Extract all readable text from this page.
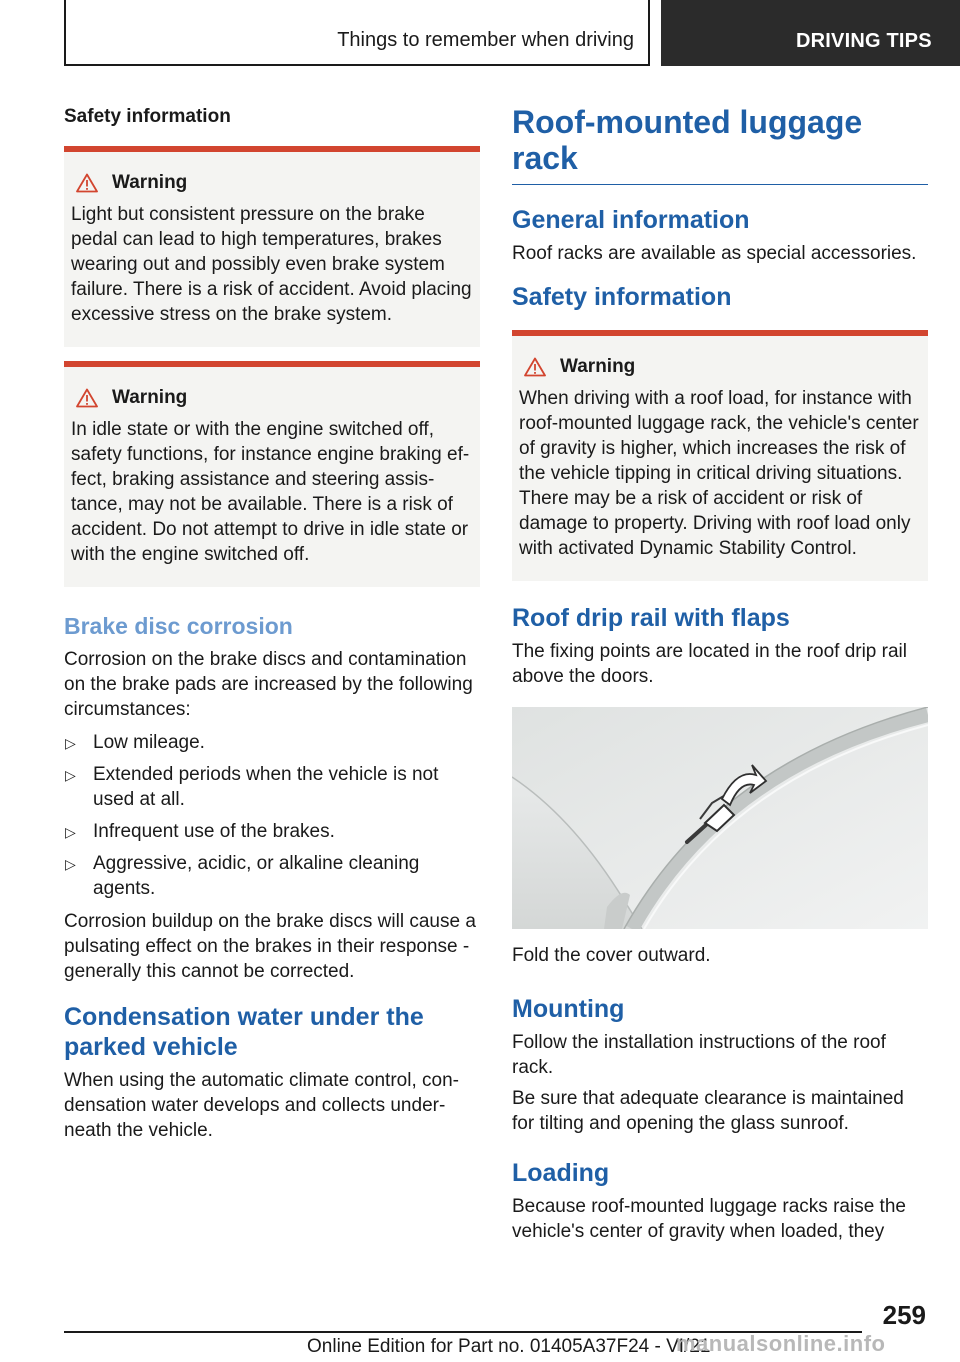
Things to remember when driving	DRIVING TIPS
Safety information
Warning
Light but consistent pressure on the brake pedal can lead to high temperatures, brakes wearing out and possibly even brake system failure. There is a risk of accident. Avoid placing excessive stress on the brake system.
Warning
In idle state or with the engine switched off, safety functions, for instance engine braking effect, braking assistance and steering assistance, may not be available. There is a risk of accident. Do not attempt to drive in idle state or with the engine switched off.
Brake disc corrosion

Corrosion on the brake discs and contamination on the brake pads are increased by the following circumstances:

▷ Low mileage.
▷ Extended periods when the vehicle is not used at all.
▷ Infrequent use of the brakes.
▷ Aggressive, acidic, or alkaline cleaning agents.

Corrosion buildup on the brake discs will cause a pulsating effect on the brakes in their response - generally this cannot be corrected.

Condensation water under the parked vehicle

When using the automatic climate control, condensation water develops and collects underneath the vehicle.

Roof-mounted luggage rack
General information

Roof racks are available as special accessories.

Safety information
Warning
When driving with a roof load, for instance with roof-mounted luggage rack, the vehicle's center of gravity is higher, which increases the risk of the vehicle tipping in critical driving situations. There may be a risk of accident or risk of damage to property. Driving with roof load only with activated Dynamic Stability Control.
Roof drip rail with flaps

The fixing points are located in the roof drip rail above the doors.

Fold the cover outward.

Mounting

Follow the installation instructions of the roof rack.

Be sure that adequate clearance is maintained for tilting and opening the glass sunroof.

Loading

Because roof-mounted luggage racks raise the vehicle's center of gravity when loaded, they

259
Online Edition for Part no. 01405A37F24 - VI/21
manualsonline.info
